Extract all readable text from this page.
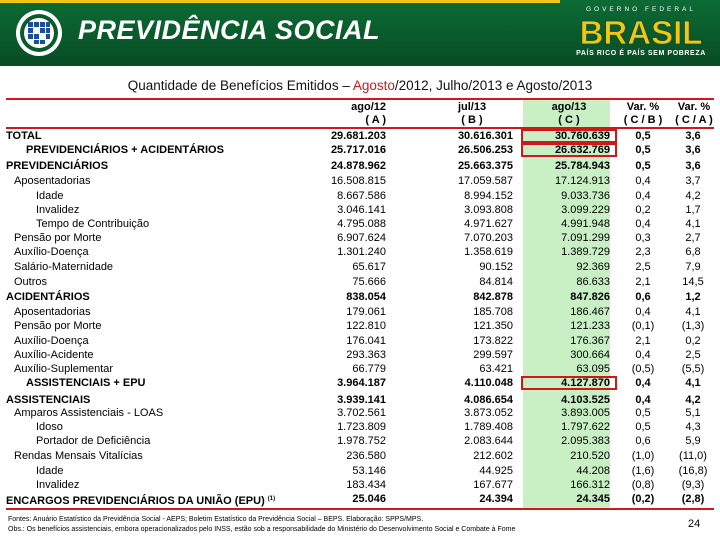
PREVIDÊNCIA SOCIAL
GOVERNO FEDERAL
BRASIL
PAÍS RICO É PAÍS SEM POBREZA
Quantidade de Benefícios Emitidos – Agosto/2012, Julho/2013 e Agosto/2013
ago/12
( A )
jul/13
( B )
ago/13
( C )
Var. %
( C / B )
Var. %
( C / A )
TOTAL	29.681.203	30.616.301	30.760.639	0,5	3,6
PREVIDENCIÁRIOS + ACIDENTÁRIOS	25.717.016	26.506.253	26.632.769	0,5	3,6
PREVIDENCIÁRIOS	24.878.962	25.663.375	25.784.943	0,5	3,6
Aposentadorias	16.508.815	17.059.587	17.124.913	0,4	3,7
Idade	8.667.586	8.994.152	9.033.736	0,4	4,2
Invalidez	3.046.141	3.093.808	3.099.229	0,2	1,7
Tempo de Contribuição	4.795.088	4.971.627	4.991.948	0,4	4,1
Pensão por Morte	6.907.624	7.070.203	7.091.299	0,3	2,7
Auxílio-Doença	1.301.240	1.358.619	1.389.729	2,3	6,8
Salário-Maternidade	65.617	90.152	92.369	2,5	7,9
Outros	75.666	84.814	86.633	2,1	14,5
ACIDENTÁRIOS	838.054	842.878	847.826	0,6	1,2
Aposentadorias	179.061	185.708	186.467	0,4	4,1
Pensão por Morte	122.810	121.350	121.233	(0,1)	(1,3)
Auxílio-Doença	176.041	173.822	176.367	2,1	0,2
Auxílio-Acidente	293.363	299.597	300.664	0,4	2,5
Auxílio-Suplementar	66.779	63.421	63.095	(0,5)	(5,5)
ASSISTENCIAIS + EPU	3.964.187	4.110.048	4.127.870	0,4	4,1
ASSISTENCIAIS	3.939.141	4.086.654	4.103.525	0,4	4,2
Amparos Assistenciais - LOAS	3.702.561	3.873.052	3.893.005	0,5	5,1
Idoso	1.723.809	1.789.408	1.797.622	0,5	4,3
Portador de Deficiência	1.978.752	2.083.644	2.095.383	0,6	5,9
Rendas Mensais Vitalícias	236.580	212.602	210.520	(1,0)	(11,0)
Idade	53.146	44.925	44.208	(1,6)	(16,8)
Invalidez	183.434	167.677	166.312	(0,8)	(9,3)
ENCARGOS PREVIDENCIÁRIOS DA UNIÃO (EPU) $^{(1)}$	25.046	24.394	24.345	(0,2)	(2,8)
Fontes: Anuário Estatístico da Previdência Social - AEPS; Boletim Estatístico da Previdência Social – BEPS. Elaboração: SPPS/MPS.
Obs.: Os benefícios assistenciais, embora operacionalizados pelo INSS, estão sob a responsabilidade do Ministério do Desenvolvimento Social e Combate à Fome	24
